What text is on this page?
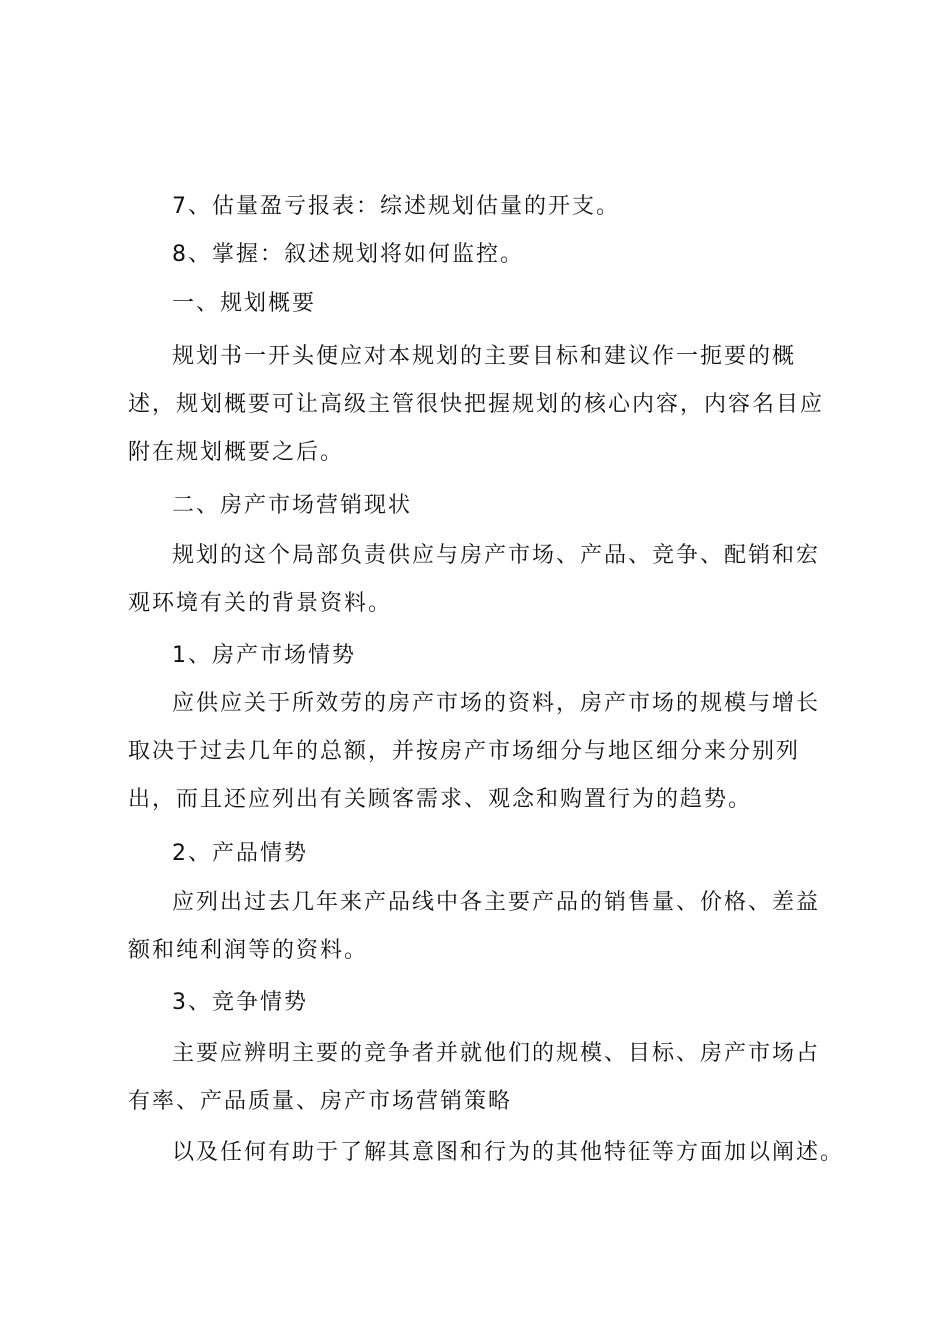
7、估量盈亏报表：综述规划估量的开支。

8、掌握：叙述规划将如何监控。

一、规划概要

规划书一开头便应对本规划的主要目标和建议作一扼要的概述，规划概要可让高级主管很快把握规划的核心内容，内容名目应附在规划概要之后。

二、房产市场营销现状

规划的这个局部负责供应与房产市场、产品、竞争、配销和宏观环境有关的背景资料。

1、房产市场情势

应供应关于所效劳的房产市场的资料，房产市场的规模与增长取决于过去几年的总额，并按房产市场细分与地区细分来分别列出，而且还应列出有关顾客需求、观念和购置行为的趋势。

2、产品情势

应列出过去几年来产品线中各主要产品的销售量、价格、差益额和纯利润等的资料。

3、竞争情势

主要应辨明主要的竞争者并就他们的规模、目标、房产市场占有率、产品质量、房产市场营销策略

以及任何有助于了解其意图和行为的其他特征等方面加以阐述。
